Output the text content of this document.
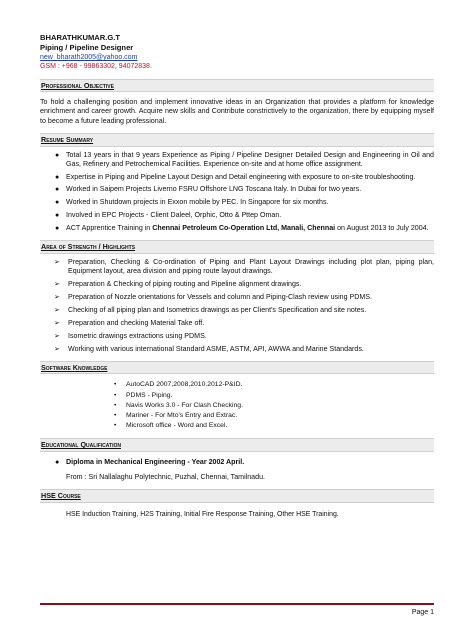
BHARATHKUMAR.G.T
Piping / Pipeline Designer
new_bharath2005@yahoo.com
GSM : +968 - 99863302, 94072838.
Professional Objective
To hold a challenging position and implement innovative ideas in an Organization that provides a platform for knowledge enrichment and career growth. Acquire new skills and Contribute constrictively to the organization, there by equipping myself to become a future leading professional.
Resume Summary
● Total 13 years in that 9 years Experience as Piping / Pipeline Designer Detailed Design and Engineering in Oil and Gas, Refinery and Petrochemical Facilities. Experience on-site and at home office assignment.
● Expertise in Piping and Pipeline Layout Design and Detail engineering with exposure to on-site troubleshooting.
● Worked in Saipem Projects Liverno FSRU Offshore LNG Toscana Italy. In Dubai for two years.
● Worked in Shutdown projects in Exxon mobile by PEC. In Singapore for six months.
● Involved in EPC Projects - Client Daleel, Orphic, Otto & Pttep Oman.
● ACT Apprentice Training in Chennai Petroleum Co-Operation Ltd, Manali, Chennai on August 2013 to July 2004.
Area of Strength / Highlights
➢ Preparation, Checking & Co-ordination of Piping and Plant Layout Drawings including plot plan, piping plan, Equipment layout, area division and piping route layout drawings.
➢ Preparation & Checking of piping routing and Pipeline alignment drawings.
➢ Preparation of Nozzle orientations for Vessels and column and Piping-Clash review using PDMS.
➢ Checking of all piping plan and Isometrics drawings as per Client's Specification and site notes.
➢ Preparation and checking Material Take off.
➢ Isometric drawings extractions using PDMS.
➢ Working with various international Standard ASME, ASTM, API, AWWA and Marine Standards.
Software Knowledge
• AutoCAD 2007,2008,2010.2012-P&ID.
• PDMS - Piping.
• Navis Works 3.0 - For Clash Checking.
• Mariner - For Mto's Entry and Extrac.
• Microsoft office - Word and Excel.
Educational Qualification
● Diploma in Mechanical Engineering - Year 2002 April.
From : Sri Nallalaghu Polytechnic, Puzhal, Chennai, Tamilnadu.
HSE Course
HSE Induction Training, H2S Training, Initial Fire Response Training, Other HSE Training.
Page 1
